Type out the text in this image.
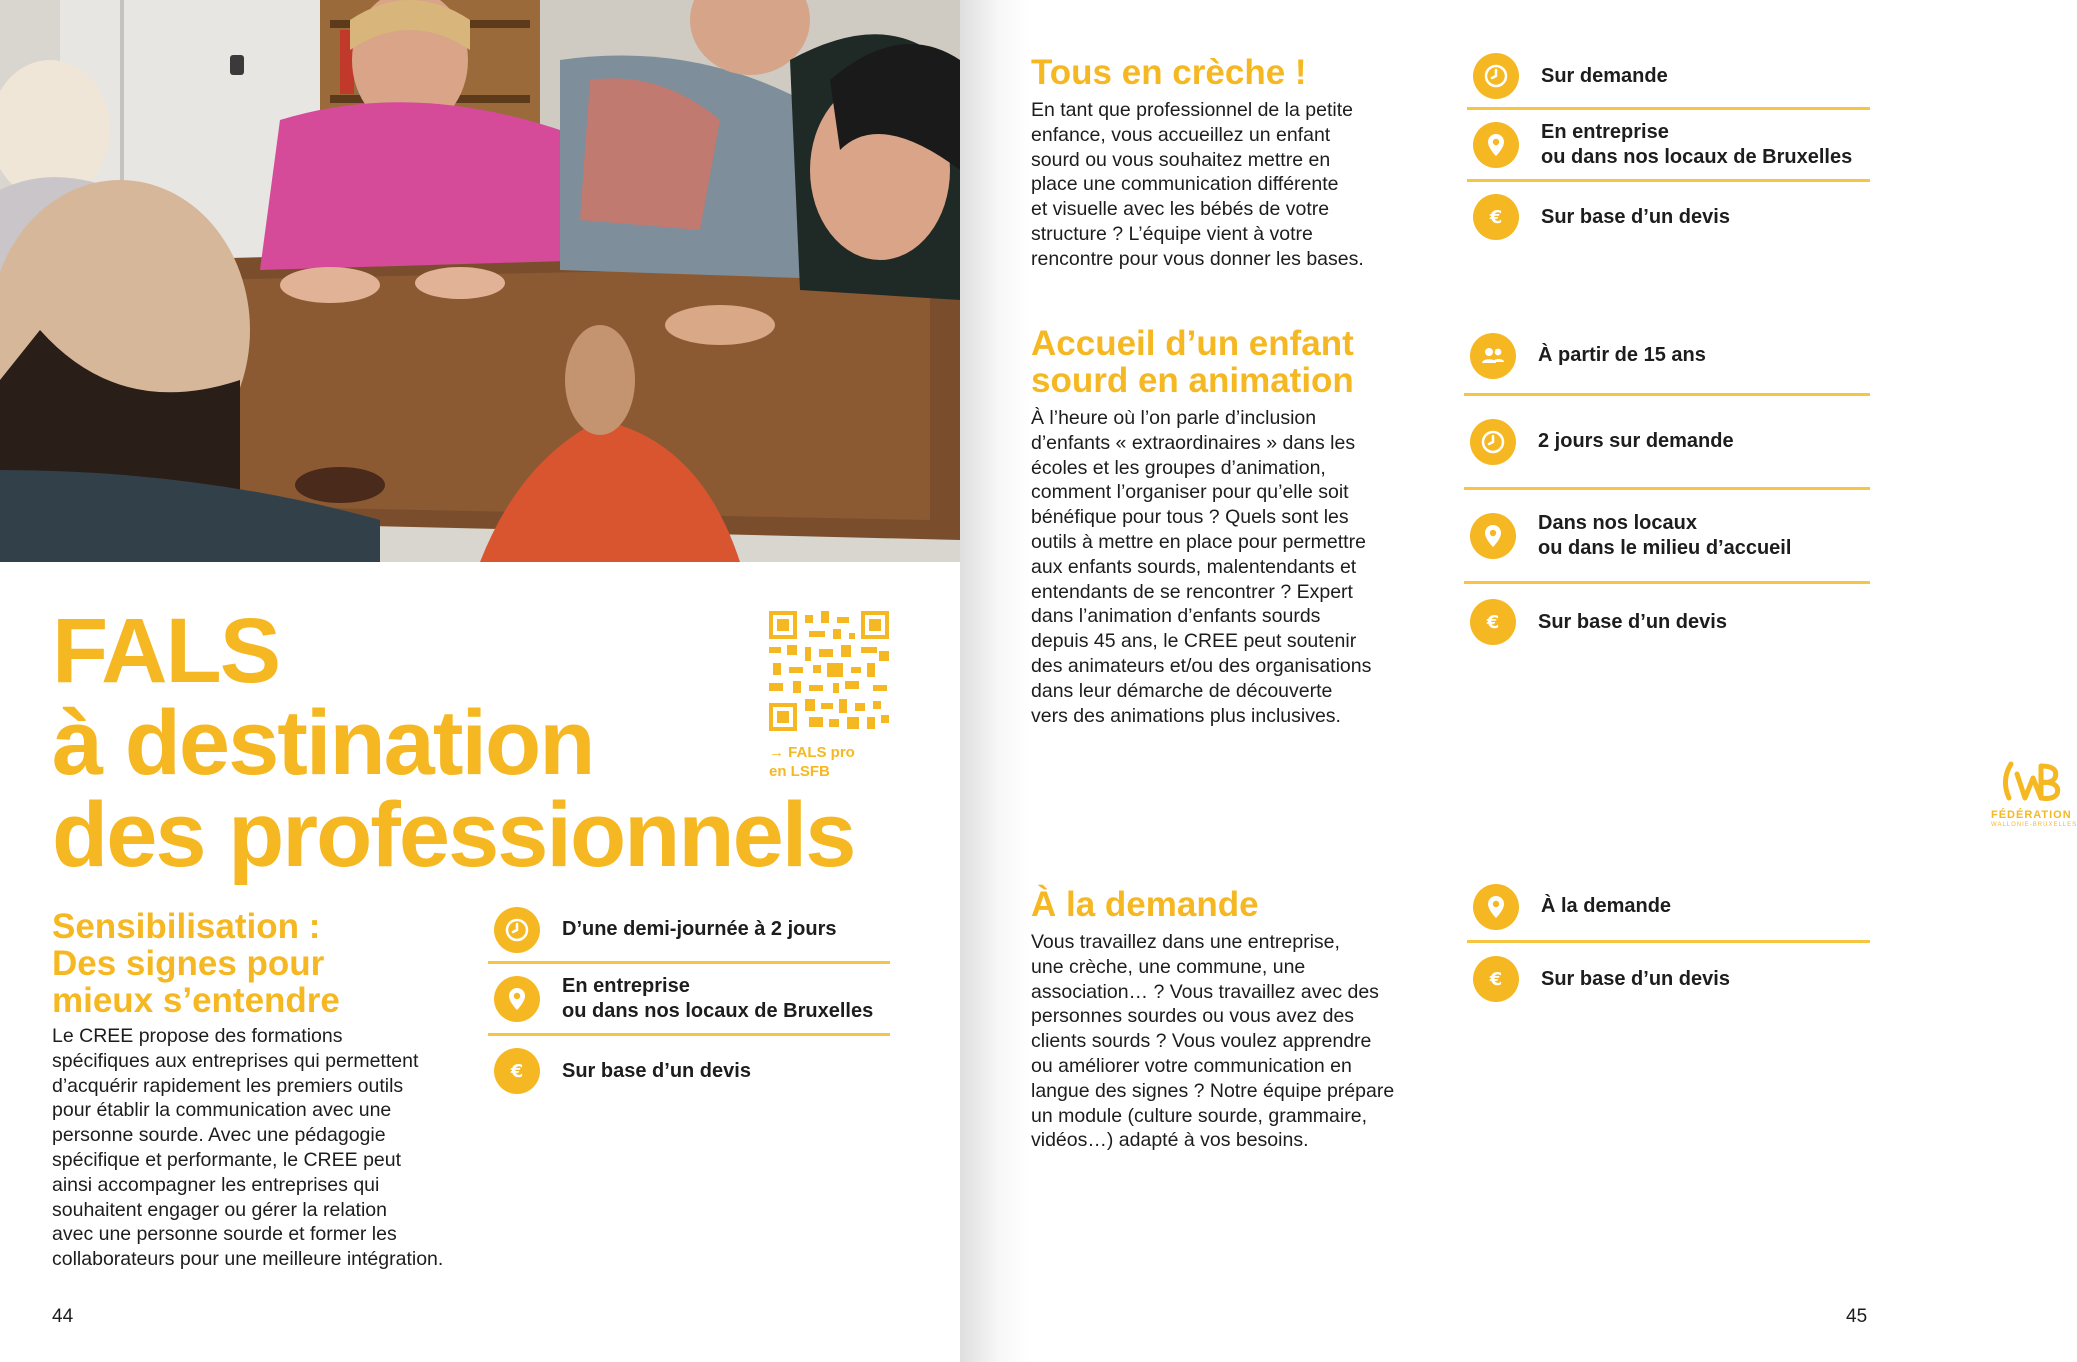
FALS
à destination
des professionnels
→ FALS pro
en LSFB
Sensibilisation :
Des signes pour
mieux s’entendre
Le CREE propose des formations
spécifiques aux entreprises qui permettent
d’acquérir rapidement les premiers outils
pour établir la communication avec une
personne sourde. Avec une pédagogie
spécifique et performante, le CREE peut
ainsi accompagner les entreprises qui
souhaitent engager ou gérer la relation
avec une personne sourde et former les
collaborateurs pour une meilleure intégration.
D’une demi-journée à 2 jours
En entreprise
ou dans nos locaux de Bruxelles
€ Sur base d’un devis
44
Tous en crèche !
En tant que professionnel de la petite
enfance, vous accueillez un enfant
sourd ou vous souhaitez mettre en
place une communication différente
et visuelle avec les bébés de votre
structure ? L’équipe vient à votre
rencontre pour vous donner les bases.
Sur demande
En entreprise
ou dans nos locaux de Bruxelles
€ Sur base d’un devis
Accueil d’un enfant
sourd en animation
À l’heure où l’on parle d’inclusion
d’enfants « extraordinaires » dans les
écoles et les groupes d’animation,
comment l’organiser pour qu’elle soit
bénéfique pour tous ? Quels sont les
outils à mettre en place pour permettre
aux enfants sourds, malentendants et
entendants de se rencontrer ? Expert
dans l’animation d’enfants sourds
depuis 45 ans, le CREE peut soutenir
des animateurs et/ou des organisations
dans leur démarche de découverte
vers des animations plus inclusives.
À partir de 15 ans
2 jours sur demande
Dans nos locaux
ou dans le milieu d’accueil
€ Sur base d’un devis
FÉDÉRATION
WALLONIE-BRUXELLES
À la demande
Vous travaillez dans une entreprise,
une crèche, une commune, une
association… ? Vous travaillez avec des
personnes sourdes ou vous avez des
clients sourds ? Vous voulez apprendre
ou améliorer votre communication en
langue des signes ? Notre équipe prépare
un module (culture sourde, grammaire,
vidéos…) adapté à vos besoins.
À la demande
€ Sur base d’un devis
45
